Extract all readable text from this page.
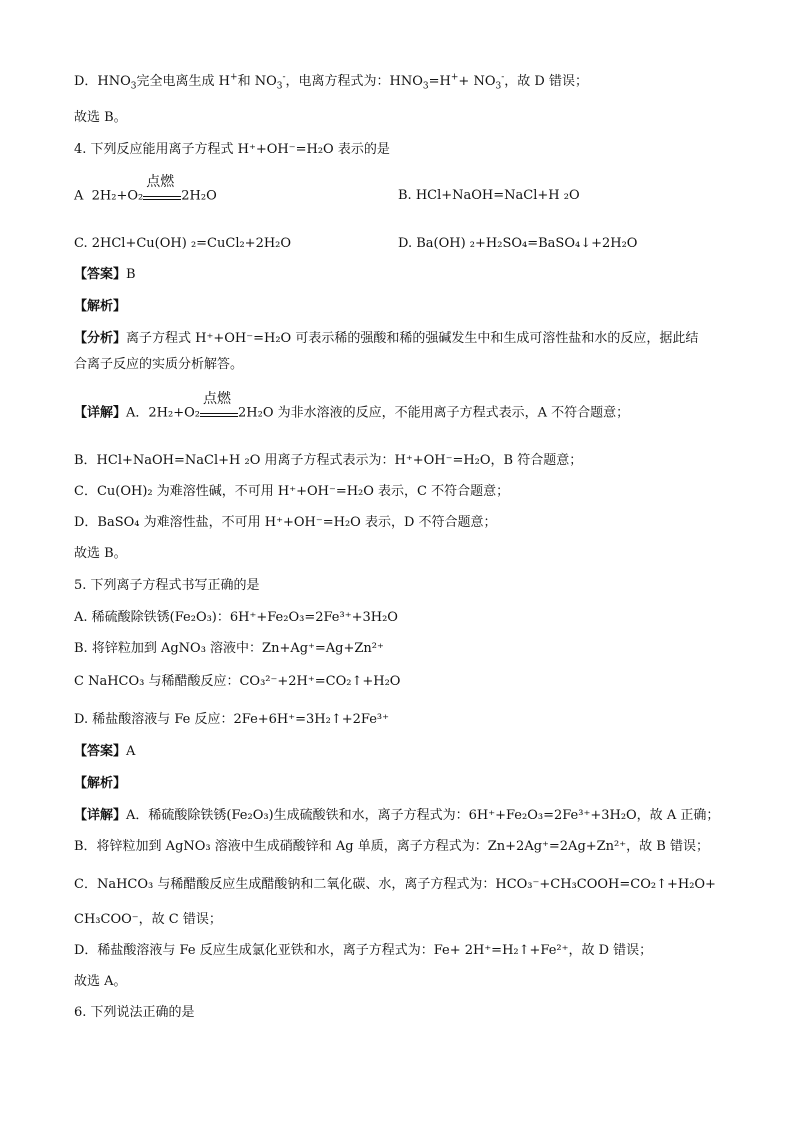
D．$HNO_3$完全电离生成 H+和 $NO_3^-$，电离方程式为：$HNO_3=H^++ NO_3^-$，故 D 错误；
故选 B。
4. 下列反应能用离子方程式 H⁺+OH⁻=H₂O 表示的是
A 2H₂+O₂
点燃
2H₂O	B. HCl+NaOH=NaCl+H ₂O
C. 2HCl+Cu(OH) ₂=CuCl₂+2H₂O	D. Ba(OH) ₂+H₂SO₄=BaSO₄↓+2H₂O
【答案】B
【解析】
【分析】离子方程式 H⁺+OH⁻=H₂O 可表示稀的强酸和稀的强碱发生中和生成可溶性盐和水的反应，据此结
合离子反应的实质分析解答。
【详解】A．2H₂+O₂
点燃
2H₂O 为非水溶液的反应，不能用离子方程式表示，A 不符合题意；
B．HCl+NaOH=NaCl+H ₂O 用离子方程式表示为：H⁺+OH⁻=H₂O，B 符合题意；
C．Cu(OH)₂ 为难溶性碱，不可用 H⁺+OH⁻=H₂O 表示，C 不符合题意；
D．BaSO₄ 为难溶性盐，不可用 H⁺+OH⁻=H₂O 表示，D 不符合题意；
故选 B。
5. 下列离子方程式书写正确的是
A. 稀硫酸除铁锈(Fe₂O₃)：6H⁺+Fe₂O₃=2Fe³⁺+3H₂O
B. 将锌粒加到 AgNO₃ 溶液中：Zn+Ag⁺=Ag+Zn²⁺
C NaHCO₃ 与稀醋酸反应：CO₃²⁻+2H⁺=CO₂↑+H₂O
D. 稀盐酸溶液与 Fe 反应：2Fe+6H⁺=3H₂↑+2Fe³⁺
【答案】A
【解析】
【详解】A．稀硫酸除铁锈(Fe₂O₃)生成硫酸铁和水，离子方程式为：6H⁺+Fe₂O₃=2Fe³⁺+3H₂O，故 A 正确；
B．将锌粒加到 AgNO₃ 溶液中生成硝酸锌和 Ag 单质，离子方程式为：Zn+2Ag⁺=2Ag+Zn²⁺，故 B 错误；
C．NaHCO₃ 与稀醋酸反应生成醋酸钠和二氧化碳、水，离子方程式为：HCO₃⁻+CH₃COOH=CO₂↑+H₂O+
CH₃COO⁻，故 C 错误；
D．稀盐酸溶液与 Fe 反应生成氯化亚铁和水，离子方程式为：Fe+ 2H⁺=H₂↑+Fe²⁺，故 D 错误；
故选 A。
6. 下列说法正确的是
